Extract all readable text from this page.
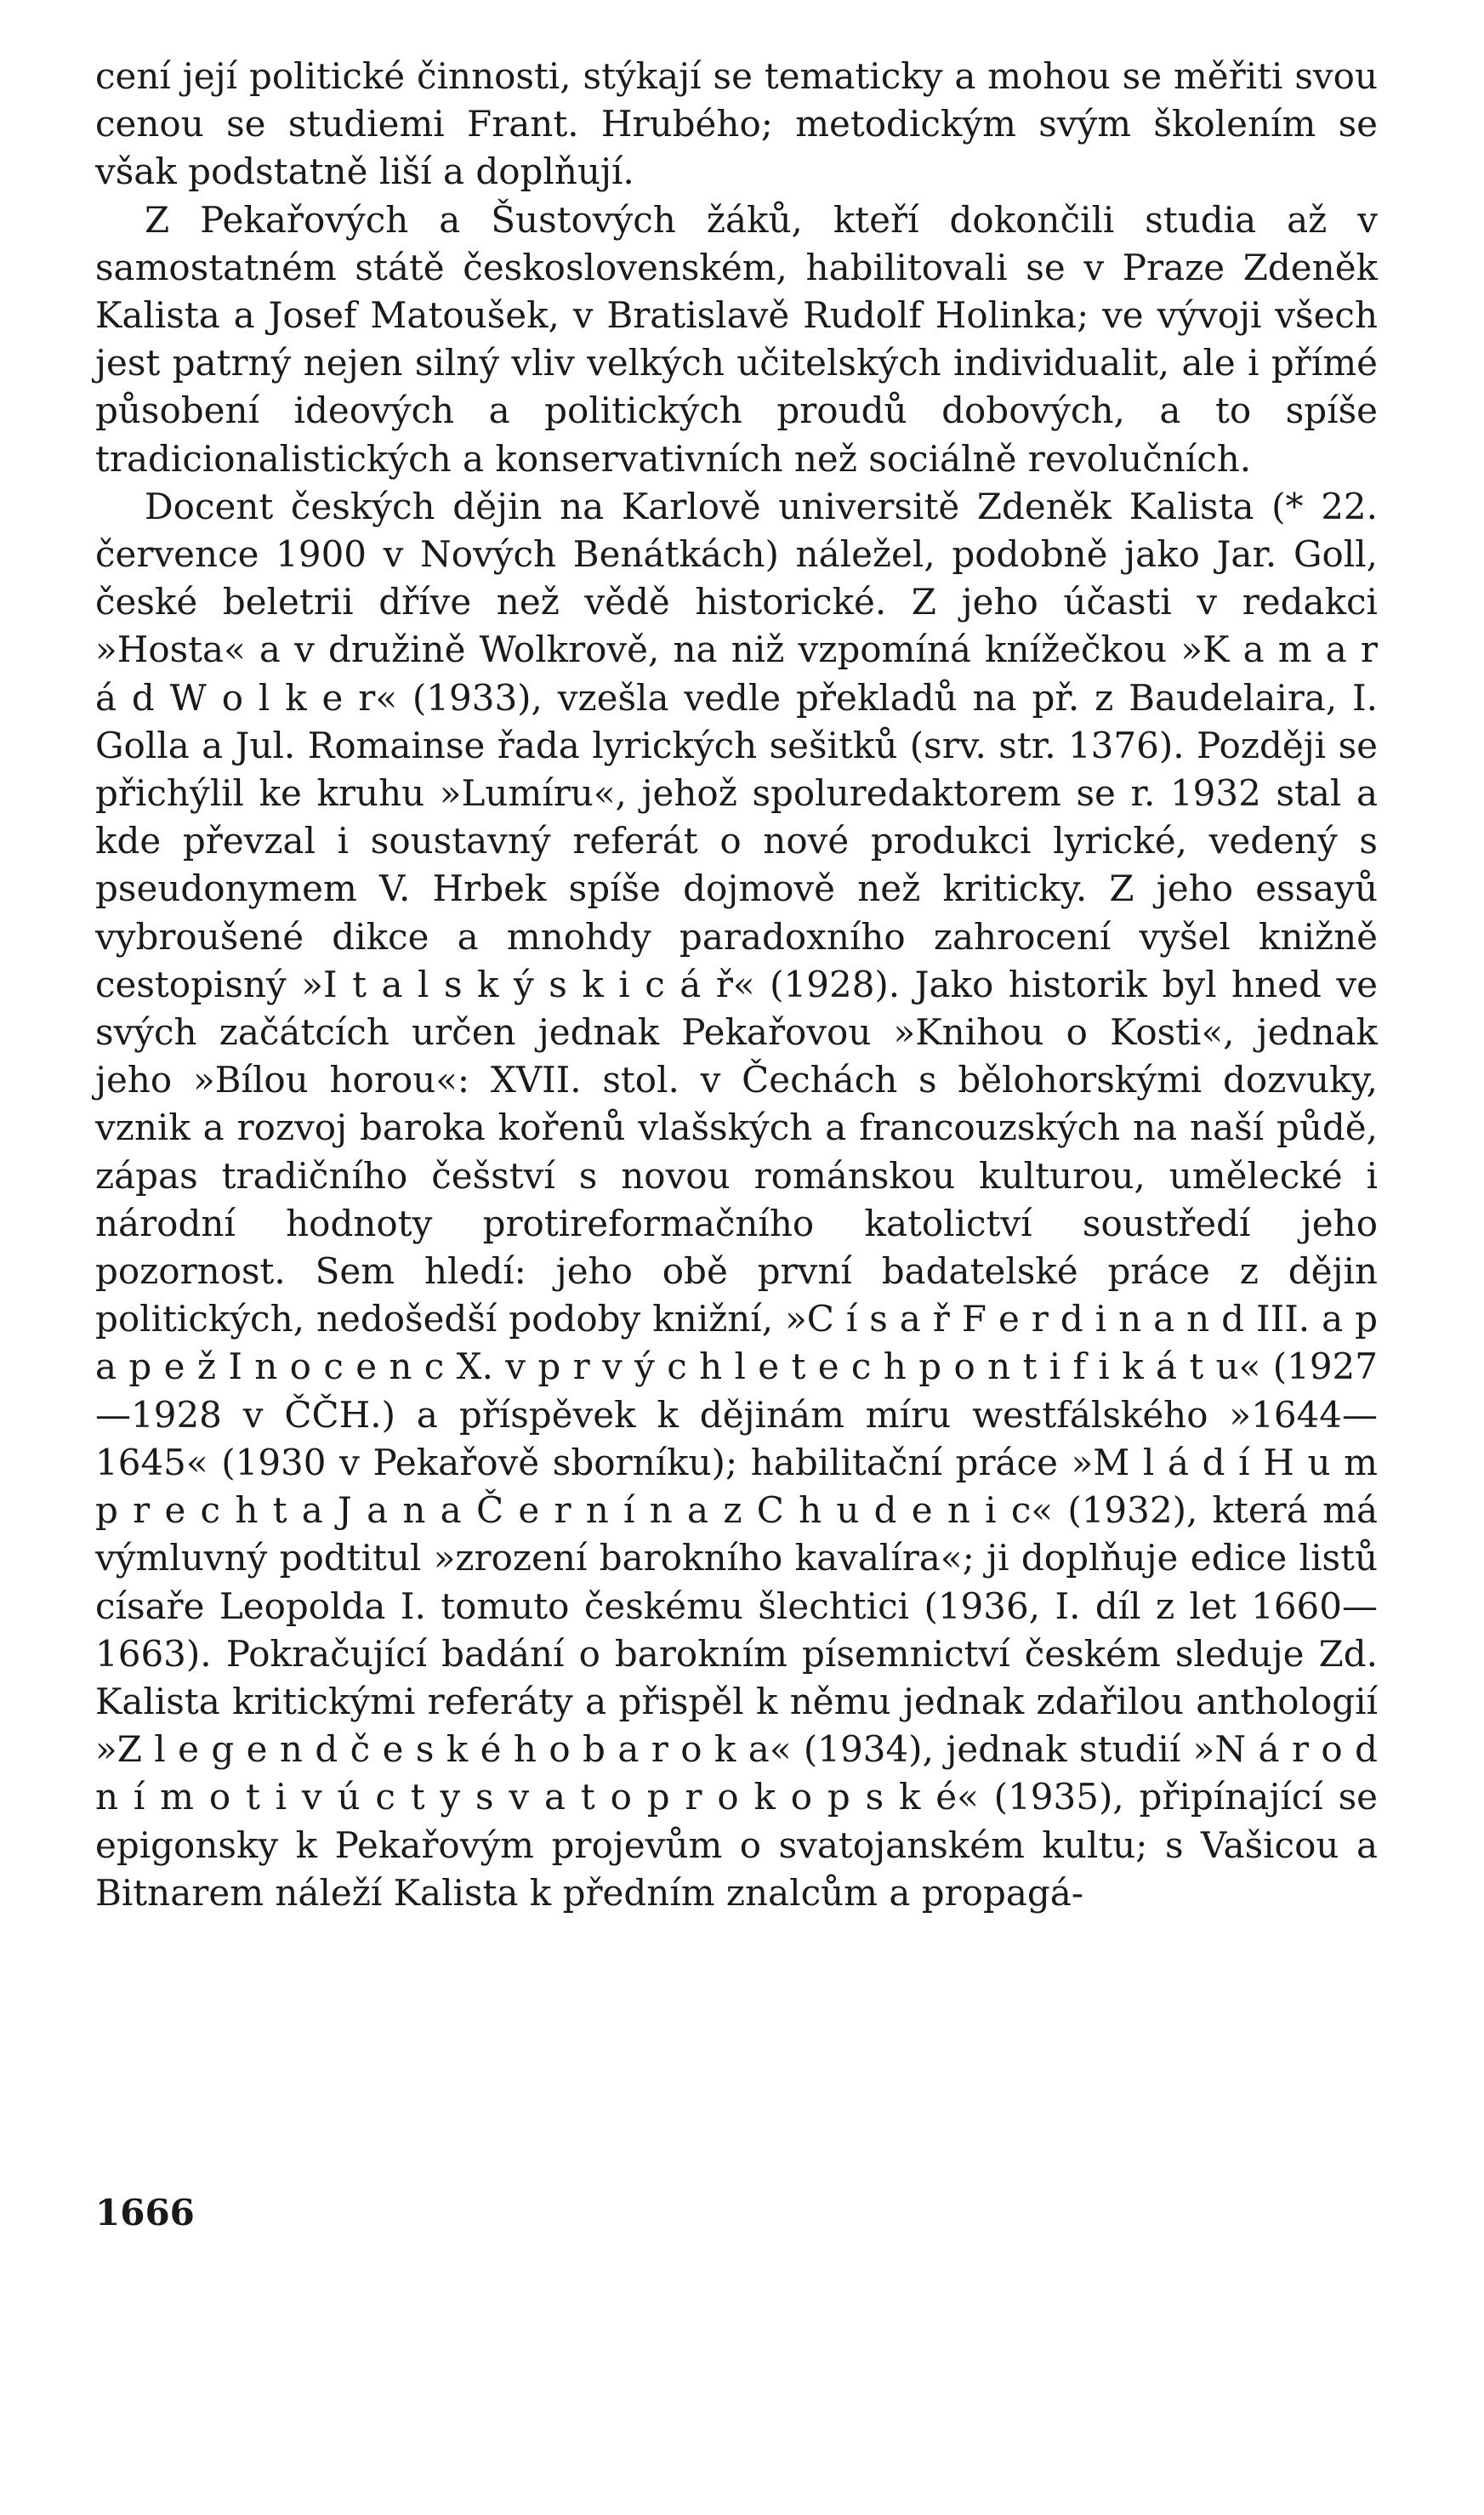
cení její politické činnosti, stýkají se tematicky a mohou se měřiti svou cenou se studiemi Frant. Hrubého; metodickým svým školením se však podstatně liší a doplňují.

Z Pekařových a Šustových žáků, kteří dokončili studia až v samostatném státě československém, habilitovali se v Praze Zdeněk Kalista a Josef Matoušek, v Bratislavě Rudolf Holinka; ve vývoji všech jest patrný nejen silný vliv velkých učitelských individualit, ale i přímé působení ideových a politických proudů dobových, a to spíše tradicionalistických a konservativních než sociálně revolučních.

Docent českých dějin na Karlově universitě Zdeněk Kalista (* 22. července 1900 v Nových Benátkách) náležel, podobně jako Jar. Goll, české beletrii dříve než vědě historické. Z jeho účasti v redakci »Hosta« a v družině Wolkrově, na niž vzpomíná knížečkou »K a m a r á d W o l k e r« (1933), vzešla vedle překladů na př. z Baudelaira, I. Golla a Jul. Romainse řada lyrických sešitků (srv. str. 1376). Později se přichýlil ke kruhu »Lumíru«, jehož spoluredaktorem se r. 1932 stal a kde převzal i soustavný referát o nové produkci lyrické, vedený s pseudonymem V. Hrbek spíše dojmově než kriticky. Z jeho essayů vybroušené dikce a mnohdy paradoxního zahrocení vyšel knižně cestopisný »I t a l s k ý s k i c á ř« (1928). Jako historik byl hned ve svých začátcích určen jednak Pekařovou »Knihou o Kosti«, jednak jeho »Bílou horou«: XVII. stol. v Čechách s bělohorskými dozvuky, vznik a rozvoj baroka kořenů vlašských a francouzských na naší půdě, zápas tradičního češství s novou románskou kulturou, umělecké i národní hodnoty protireformačního katolictví soustředí jeho pozornost. Sem hledí: jeho obě první badatelské práce z dějin politických, nedošedší podoby knižní, »C í s a ř F e r d i n a n d III. a p a p e ž I n o c e n c X. v p r v ý c h l e t e c h p o n t i f i k á t u« (1927—1928 v ČČH.) a příspěvek k dějinám míru westfálského »1644—1645« (1930 v Pekařově sborníku); habilitační práce »M l á d í H u m p r e c h t a J a n a Č e r n í n a z C h u d e n i c« (1932), která má výmluvný podtitul »zrození barokního kavalíra«; ji doplňuje edice listů císaře Leopolda I. tomuto českému šlechtici (1936, I. díl z let 1660—1663). Pokračující badání o barokním písemnictví českém sleduje Zd. Kalista kritickými referáty a přispěl k němu jednak zdařilou anthologií »Z l e g e n d č e s k é h o b a r o k a« (1934), jednak studií »N á r o d n í m o t i v ú c t y s v a t o p r o k o p s k é« (1935), připínající se epigonsky k Pekařovým projevům o svatojanském kultu; s Vašicou a Bitnarem náleží Kalista k předním znalcům a propagá-

1666
